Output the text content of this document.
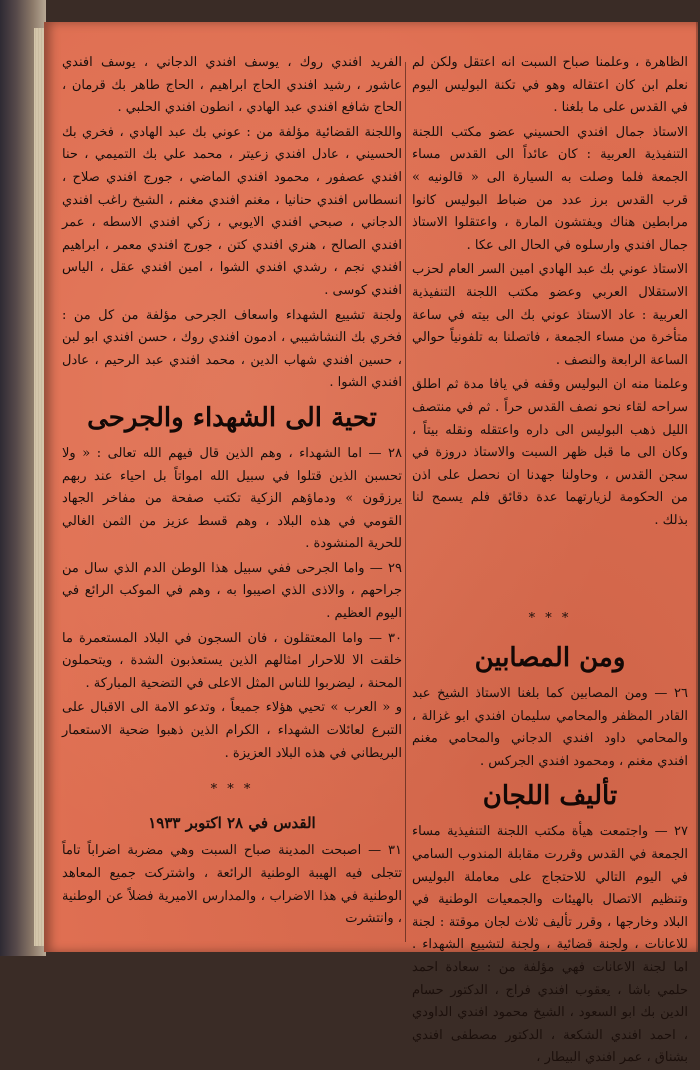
الظاهرة ، وعلمنا صباح السبت انه اعتقل ولكن لم نعلم ابن كان اعتقاله وهو في تكنة البوليس اليوم في القدس على ما بلغنا .

الاستاذ جمال افندي الحسيني عضو مكتب اللجنة التنفيذية العربية : كان عائداً الى القدس مساء الجمعة فلما وصلت به السيارة الى « قالونيه » قرب القدس برز عدد من ضباط البوليس كانوا مرابطين هناك ويفتشون المارة ، واعتقلوا الاستاذ جمال افندي وارسلوه في الحال الى عكا .

الاستاذ عوني بك عبد الهادي امين السر العام لحزب الاستقلال العربي وعضو مكتب اللجنة التنفيذية العربية : عاد الاستاذ عوني بك الى بيته في ساعة متأخرة من مساء الجمعة ، فاتصلنا به تلفونياً حوالي الساعة الرابعة والنصف .

وعلمنا منه ان البوليس وقفه في يافا مدة ثم اطلق سراحه لقاء نحو نصف القدس حراً . ثم في منتصف الليل ذهب البوليس الى داره واعتقله ونقله بيتاً ، وكان الى ما قبل ظهر السبت والاستاذ دروزة في سجن القدس ، وحاولنا جهدنا ان نحصل على اذن من الحكومة لزيارتهما عدة دقائق فلم يسمح لنا بذلك .

* * *
ومن المصابين

٢٦ — ومن المصابين كما بلغنا الاستاذ الشيخ عبد القادر المظفر والمحامي سليمان افندي ابو غزالة ، والمحامي داود افندي الدجاني والمحامي مغنم افندي مغنم ، ومحمود افندي الجركس .

تأليف اللجان

٢٧ — واجتمعت هيأة مكتب اللجنة التنفيذية مساء الجمعة في القدس وقررت مقابلة المندوب السامي في اليوم التالي للاحتجاج على معاملة البوليس وتنظيم الاتصال بالهيئات والجمعيات الوطنية في البلاد وخارجها ، وقرر تأليف ثلاث لجان موقتة : لجنة للاعانات ، ولجنة قضائية ، ولجنة لتشييع الشهداء . اما لجنة الاعانات فهي مؤلفة من : سعادة احمد حلمي باشا ، يعقوب افندي فراج ، الدكتور حسام الدين بك ابو السعود ، الشيخ محمود افندي الداودي ، احمد افندي الشكعة ، الدكتور مصطفى افندي بشناق ، عمر افندي البيطار ،

الفريد افندي روك ، يوسف افندي الدجاني ، يوسف افندي عاشور ، رشيد افندي الحاج ابراهيم ، الحاج طاهر بك قرمان ، الحاج شافع افندي عبد الهادي ، انطون افندي الحلبي .

واللجنة القضائية مؤلفة من : عوني بك عبد الهادي ، فخري بك الحسيني ، عادل افندي زعيتر ، محمد علي بك التميمي ، حنا افندي عصفور ، محمود افندي الماضي ، جورج افندي صلاح ، انسطاس افندي حنانيا ، مغنم افندي مغنم ، الشيخ راغب افندي الدجاني ، صبحي افندي الايوبي ، زكي افندي الاسطه ، عمر افندي الصالح ، هنري افندي كتن ، جورج افندي معمر ، ابراهيم افندي نجم ، رشدي افندي الشوا ، امين افندي عقل ، الياس افندي كوسى .

ولجنة تشييع الشهداء واسعاف الجرحى مؤلفة من كل من : فخري بك النشاشيبي ، ادمون افندي روك ، حسن افندي ابو لبن ، حسين افندي شهاب الدين ، محمد افندي عبد الرحيم ، عادل افندي الشوا .

تحية الى الشهداء والجرحى

٢٨ — اما الشهداء ، وهم الذين قال فيهم الله تعالى : « ولا تحسبن الذين قتلوا في سبيل الله امواتاً بل احياء عند ربهم يرزقون » ودماؤهم الزكية تكتب صفحة من مفاخر الجهاد القومي في هذه البلاد ، وهم قسط عزيز من الثمن الغالي للحرية المنشودة .

٢٩ — واما الجرحى ففي سبيل هذا الوطن الدم الذي سال من جراحهم ، والاذى الذي اصيبوا به ، وهم في الموكب الرائع في اليوم العظيم .

٣٠ — واما المعتقلون ، فان السجون في البلاد المستعمرة ما خلقت الا للاحرار امثالهم الذين يستعذبون الشدة ، ويتحملون المحنة ، ليضربوا للناس المثل الاعلى في التضحية المباركة .

و « العرب » تحيي هؤلاء جميعاً ، وتدعو الامة الى الاقبال على التبرع لعائلات الشهداء ، الكرام الذين ذهبوا ضحية الاستعمار البريطاني في هذه البلاد العزيزة .

* * *
القدس في ٢٨ اكتوبر ١٩٣٣

٣١ — اصبحت المدينة صباح السبت وهي مضربة اضراباً تاماً تتجلى فيه الهيبة الوطنية الرائعة ، واشتركت جميع المعاهد الوطنية في هذا الاضراب ، والمدارس الاميرية فضلاً عن الوطنية ، وانتشرت
